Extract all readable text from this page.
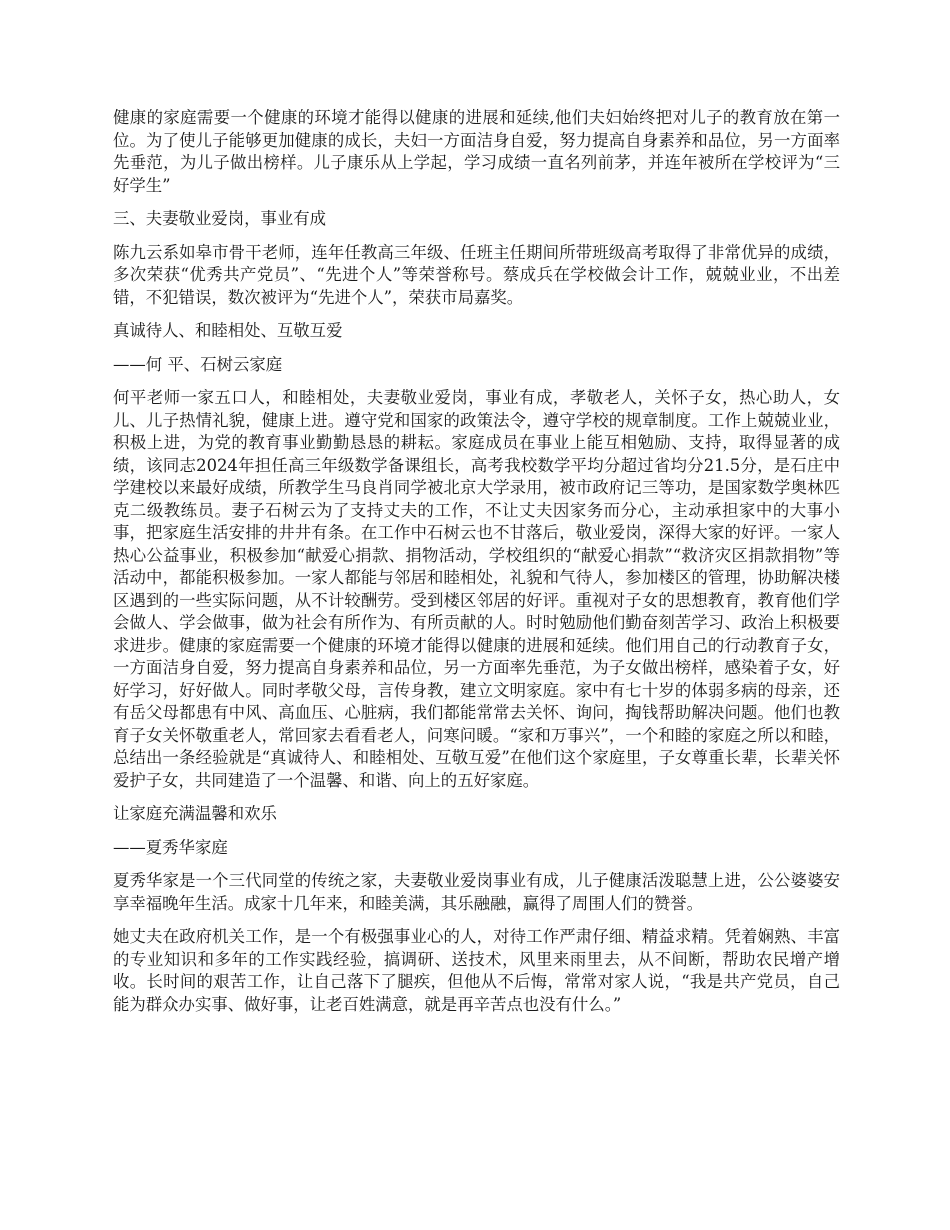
健康的家庭需要一个健康的环境才能得以健康的进展和延续,他们夫妇始终把对儿子的教育放在第一位。为了使儿子能够更加健康的成长，夫妇一方面洁身自爱，努力提高自身素养和品位，另一方面率先垂范，为儿子做出榜样。儿子康乐从上学起，学习成绩一直名列前茅，并连年被所在学校评为“三好学生”

三、夫妻敬业爱岗，事业有成

陈九云系如皋市骨干老师，连年任教高三年级、任班主任期间所带班级高考取得了非常优异的成绩，多次荣获“优秀共产党员”、“先进个人”等荣誉称号。蔡成兵在学校做会计工作，兢兢业业，不出差错，不犯错误，数次被评为“先进个人”，荣获市局嘉奖。

真诚待人、和睦相处、互敬互爱

——何 平、石树云家庭

何平老师一家五口人，和睦相处，夫妻敬业爱岗，事业有成，孝敬老人，关怀子女，热心助人，女儿、儿子热情礼貌，健康上进。遵守党和国家的政策法令，遵守学校的规章制度。工作上兢兢业业，积极上进，为党的教育事业勤勤恳恳的耕耘。家庭成员在事业上能互相勉励、支持，取得显著的成绩，该同志2024年担任高三年级数学备课组长，高考我校数学平均分超过省均分21.5分，是石庄中学建校以来最好成绩，所教学生马良肖同学被北京大学录用，被市政府记三等功，是国家数学奥林匹克二级教练员。妻子石树云为了支持丈夫的工作，不让丈夫因家务而分心，主动承担家中的大事小事，把家庭生活安排的井井有条。在工作中石树云也不甘落后，敬业爱岗，深得大家的好评。一家人热心公益事业，积极参加“献爱心捐款、捐物活动，学校组织的“献爱心捐款”“救济灾区捐款捐物”等活动中，都能积极参加。一家人都能与邻居和睦相处，礼貌和气待人，参加楼区的管理，协助解决楼区遇到的一些实际问题，从不计较酬劳。受到楼区邻居的好评。重视对子女的思想教育，教育他们学会做人、学会做事，做为社会有所作为、有所贡献的人。时时勉励他们勤奋刻苦学习、政治上积极要求进步。健康的家庭需要一个健康的环境才能得以健康的进展和延续。他们用自己的行动教育子女，一方面洁身自爱，努力提高自身素养和品位，另一方面率先垂范，为子女做出榜样，感染着子女，好好学习，好好做人。同时孝敬父母，言传身教，建立文明家庭。家中有七十岁的体弱多病的母亲，还有岳父母都患有中风、高血压、心脏病，我们都能常常去关怀、询问，掏钱帮助解决问题。他们也教育子女关怀敬重老人，常回家去看看老人，问寒问暖。“家和万事兴”，一个和睦的家庭之所以和睦，总结出一条经验就是“真诚待人、和睦相处、互敬互爱”在他们这个家庭里，子女尊重长辈，长辈关怀爱护子女，共同建造了一个温馨、和谐、向上的五好家庭。

让家庭充满温馨和欢乐

——夏秀华家庭

夏秀华家是一个三代同堂的传统之家，夫妻敬业爱岗事业有成，儿子健康活泼聪慧上进，公公婆婆安享幸福晚年生活。成家十几年来，和睦美满，其乐融融，赢得了周围人们的赞誉。

她丈夫在政府机关工作，是一个有极强事业心的人，对待工作严肃仔细、精益求精。凭着娴熟、丰富的专业知识和多年的工作实践经验，搞调研、送技术，风里来雨里去，从不间断，帮助农民增产增收。长时间的艰苦工作，让自己落下了腿疾，但他从不后悔，常常对家人说，“我是共产党员，自己能为群众办实事、做好事，让老百姓满意，就是再辛苦点也没有什么。”
